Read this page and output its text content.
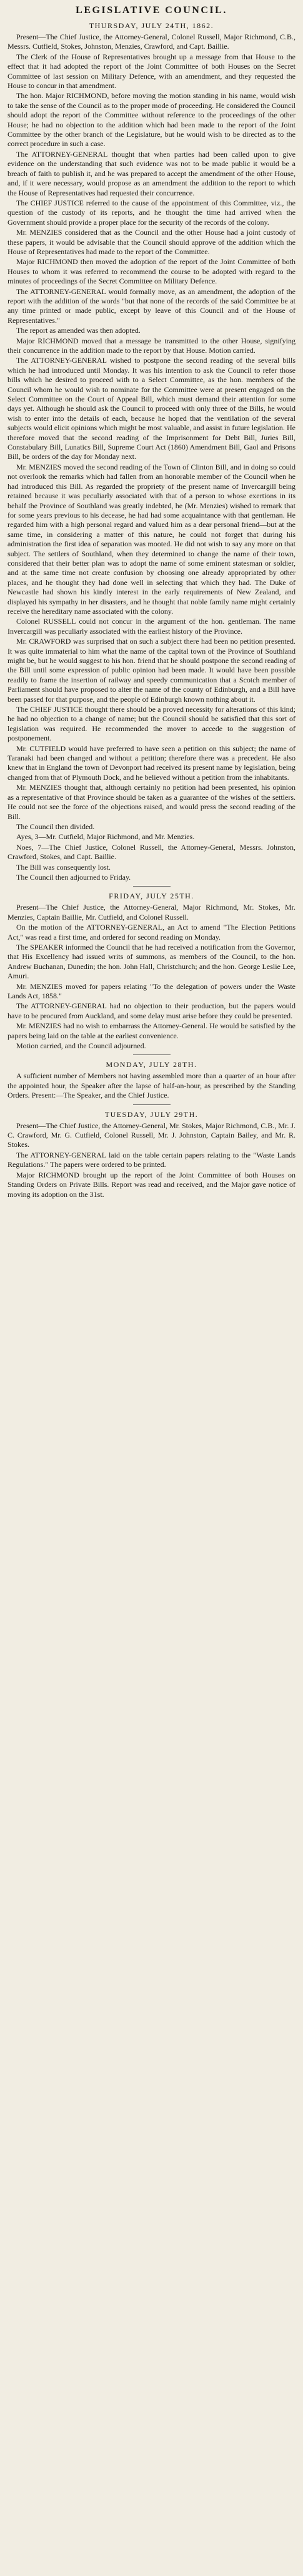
LEGISLATIVE COUNCIL.
THURSDAY, JULY 24TH, 1862.

Present—The Chief Justice, the Attorney-General, Colonel Russell, Major Richmond, C.B., Messrs. Cutfield, Stokes, Johnston, Menzies, Crawford, and Capt. Baillie.

The Clerk of the House of Representatives brought up a message from that House to the effect that it had adopted the report of the Joint Committee of both Houses on the Secret Committee of last session on Military Defence, with an amendment, and they requested the House to concur in that amendment.

The hon. Major RICHMOND, before moving the motion standing in his name, would wish to take the sense of the Council as to the proper mode of proceeding. He considered the Council should adopt the report of the Committee without reference to the proceedings of the other House; he had no objection to the addition which had been made to the report of the Joint Committee by the other branch of the Legislature, but he would wish to be directed as to the correct procedure in such a case.

The ATTORNEY-GENERAL thought that when parties had been called upon to give evidence on the understanding that such evidence was not to be made public it would be a breach of faith to publish it, and he was prepared to accept the amendment of the other House, and, if it were necessary, would propose as an amendment the addition to the report to which the House of Representatives had requested their concurrence.

The CHIEF JUSTICE referred to the cause of the appointment of this Committee, viz., the question of the custody of its reports, and he thought the time had arrived when the Government should provide a proper place for the security of the records of the colony.

Mr. MENZIES considered that as the Council and the other House had a joint custody of these papers, it would be advisable that the Council should approve of the addition which the House of Representatives had made to the report of the Committee.

Major RICHMOND then moved the adoption of the report of the Joint Committee of both Houses to whom it was referred to recommend the course to be adopted with regard to the minutes of proceedings of the Secret Committee on Military Defence.

The ATTORNEY-GENERAL would formally move, as an amendment, the adoption of the report with the addition of the words "but that none of the records of the said Committee be at any time printed or made public, except by leave of this Council and of the House of Representatives."

The report as amended was then adopted.

Major RICHMOND moved that a message be transmitted to the other House, signifying their concurrence in the addition made to the report by that House. Motion carried.

The ATTORNEY-GENERAL wished to postpone the second reading of the several bills which he had introduced until Monday. It was his intention to ask the Council to refer those bills which he desired to proceed with to a Select Committee, as the hon. members of the Council whom he would wish to nominate for the Committee were at present engaged on the Select Committee on the Court of Appeal Bill, which must demand their attention for some days yet. Although he should ask the Council to proceed with only three of the Bills, he would wish to enter into the details of each, because he hoped that the ventilation of the several subjects would elicit opinions which might be most valuable, and assist in future legislation. He therefore moved that the second reading of the Imprisonment for Debt Bill, Juries Bill, Constabulary Bill, Lunatics Bill, Supreme Court Act (1860) Amendment Bill, Gaol and Prisons Bill, be orders of the day for Monday next.

Mr. MENZIES moved the second reading of the Town of Clinton Bill, and in doing so could not overlook the remarks which had fallen from an honorable member of the Council when he had introduced this Bill. As regarded the propriety of the present name of Invercargill being retained because it was peculiarly associated with that of a person to whose exertions in its behalf the Province of Southland was greatly indebted, he (Mr. Menzies) wished to remark that for some years previous to his decease, he had had some acquaintance with that gentleman. He regarded him with a high personal regard and valued him as a dear personal friend—but at the same time, in considering a matter of this nature, he could not forget that during his administration the first idea of separation was mooted. He did not wish to say any more on that subject. The settlers of Southland, when they determined to change the name of their town, considered that their better plan was to adopt the name of some eminent statesman or soldier, and at the same time not create confusion by choosing one already appropriated by other places, and he thought they had done well in selecting that which they had. The Duke of Newcastle had shown his kindly interest in the early requirements of New Zealand, and displayed his sympathy in her disasters, and he thought that noble family name might certainly receive the hereditary name associated with the colony.

Colonel RUSSELL could not concur in the argument of the hon. gentleman. The name Invercargill was peculiarly associated with the earliest history of the Province.

Mr. CRAWFORD was surprised that on such a subject there had been no petition presented. It was quite immaterial to him what the name of the capital town of the Province of Southland might be, but he would suggest to his hon. friend that he should postpone the second reading of the Bill until some expression of public opinion had been made. It would have been possible readily to frame the insertion of railway and speedy communication that a Scotch member of Parliament should have proposed to alter the name of the county of Edinburgh, and a Bill have been passed for that purpose, and the people of Edinburgh known nothing about it.

The CHIEF JUSTICE thought there should be a proved necessity for alterations of this kind; he had no objection to a change of name; but the Council should be satisfied that this sort of legislation was required. He recommended the mover to accede to the suggestion of postponement.

Mr. CUTFIELD would have preferred to have seen a petition on this subject; the name of Taranaki had been changed and without a petition; therefore there was a precedent. He also knew that in England the town of Devonport had received its present name by legislation, being changed from that of Plymouth Dock, and he believed without a petition from the inhabitants.

Mr. MENZIES thought that, although certainly no petition had been presented, his opinion as a representative of that Province should be taken as a guarantee of the wishes of the settlers. He could not see the force of the objections raised, and would press the second reading of the Bill.

The Council then divided.

Ayes, 3—Mr. Cutfield, Major Richmond, and Mr. Menzies.

Noes, 7—The Chief Justice, Colonel Russell, the Attorney-General, Messrs. Johnston, Crawford, Stokes, and Capt. Baillie.

The Bill was consequently lost.

The Council then adjourned to Friday.

FRIDAY, JULY 25TH.

Present—The Chief Justice, the Attorney-General, Major Richmond, Mr. Stokes, Mr. Menzies, Captain Baillie, Mr. Cutfield, and Colonel Russell.

On the motion of the ATTORNEY-GENERAL, an Act to amend "The Election Petitions Act," was read a first time, and ordered for second reading on Monday.

The SPEAKER informed the Council that he had received a notification from the Governor, that His Excellency had issued writs of summons, as members of the Council, to the hon. Andrew Buchanan, Dunedin; the hon. John Hall, Christchurch; and the hon. George Leslie Lee, Amuri.

Mr. MENZIES moved for papers relating "To the delegation of powers under the Waste Lands Act, 1858."

The ATTORNEY-GENERAL had no objection to their production, but the papers would have to be procured from Auckland, and some delay must arise before they could be presented.

Mr. MENZIES had no wish to embarrass the Attorney-General. He would be satisfied by the papers being laid on the table at the earliest convenience.

Motion carried, and the Council adjourned.

MONDAY, JULY 28TH.

A sufficient number of Members not having assembled more than a quarter of an hour after the appointed hour, the Speaker after the lapse of half-an-hour, as prescribed by the Standing Orders. Present:—The Speaker, and the Chief Justice.

TUESDAY, JULY 29TH.

Present—The Chief Justice, the Attorney-General, Mr. Stokes, Major Richmond, C.B., Mr. J. C. Crawford, Mr. G. Cutfield, Colonel Russell, Mr. J. Johnston, Captain Bailey, and Mr. R. Stokes.

The ATTORNEY-GENERAL laid on the table certain papers relating to the "Waste Lands Regulations." The papers were ordered to be printed.

Major RICHMOND brought up the report of the Joint Committee of both Houses on Standing Orders on Private Bills. Report was read and received, and the Major gave notice of moving its adoption on the 31st.
